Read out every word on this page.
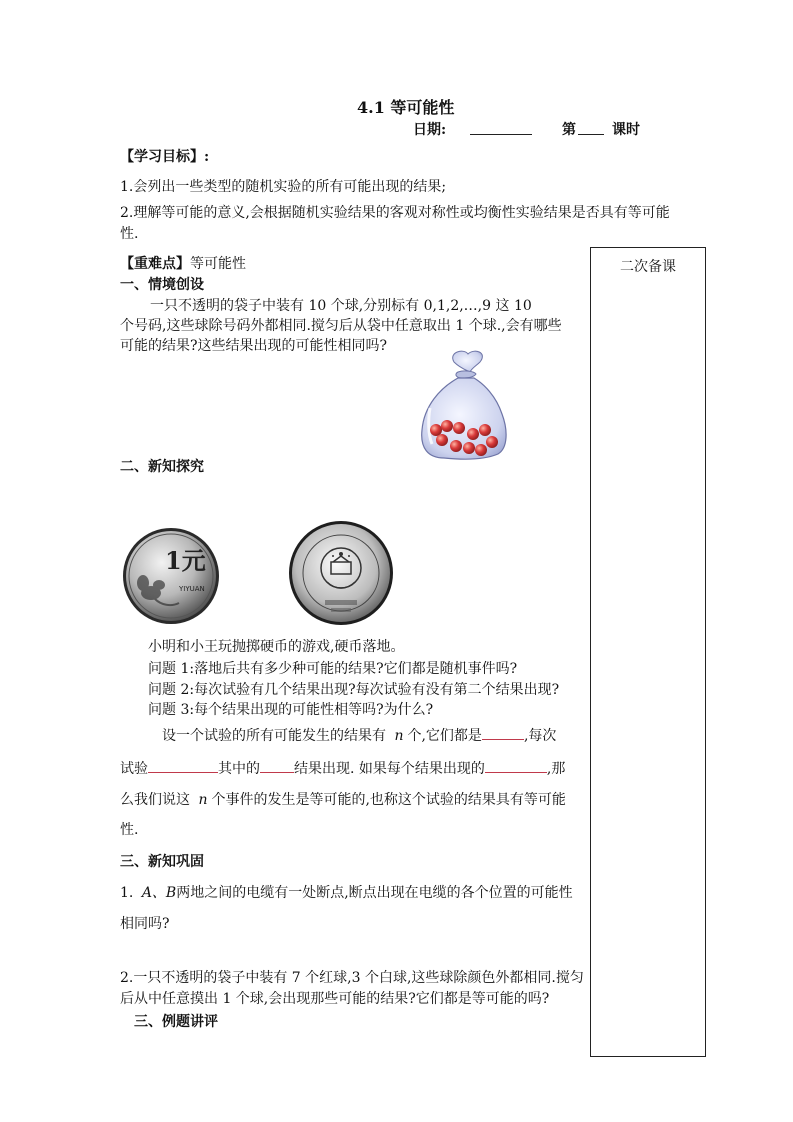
4.1 等可能性
日期:	第	课时
【学习目标】:
1.会列出一些类型的随机实验的所有可能出现的结果;
2.理解等可能的意义,会根据随机实验结果的客观对称性或均衡性实验结果是否具有等可能
性.
【重难点】等可能性
一、情境创设
一只不透明的袋子中装有 10 个球,分别标有 0,1,2,…,9 这 10
个号码,这些球除号码外都相同.搅匀后从袋中任意取出 1 个球.,会有哪些
可能的结果?这些结果出现的可能性相同吗?
二、新知探究
1元
YIYUAN
小明和小王玩抛掷硬币的游戏,硬币落地。
问题 1:落地后共有多少种可能的结果?它们都是随机事件吗?
问题 2:每次试验有几个结果出现?每次试验有没有第二个结果出现?
问题 3:每个结果出现的可能性相等吗?为什么?
设一个试验的所有可能发生的结果有 n 个,它们都是	,每次
试验	其中的 结果出现. 如果每个结果出现的	,那
么我们说这 n 个事件的发生是等可能的,也称这个试验的结果具有等可能
性.
三、新知巩固
1. A、B两地之间的电缆有一处断点,断点出现在电缆的各个位置的可能性
相同吗?
2.一只不透明的袋子中装有 7 个红球,3 个白球,这些球除颜色外都相同.搅匀
后从中任意摸出 1 个球,会出现那些可能的结果?它们都是等可能的吗?
三、例题讲评
二次备课
